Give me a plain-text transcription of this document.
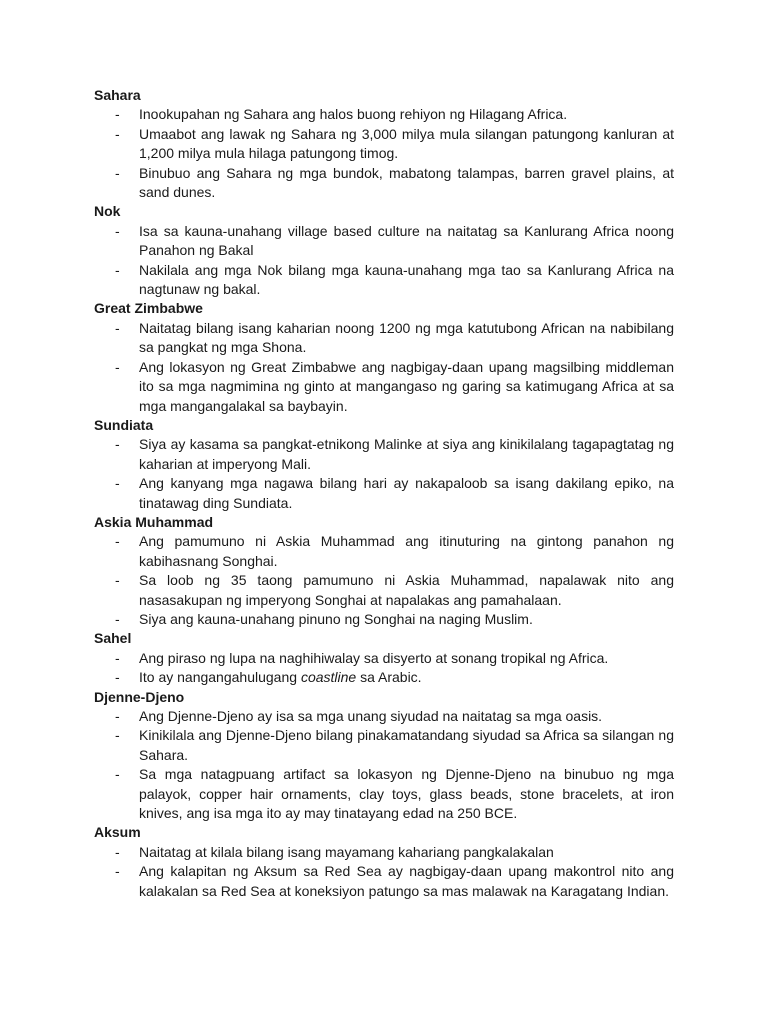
Sahara
- Inookupahan ng Sahara ang halos buong rehiyon ng Hilagang Africa.
- Umaabot ang lawak ng Sahara ng 3,000 milya mula silangan patungong kanluran at 1,200 milya mula hilaga patungong timog.
- Binubuo ang Sahara ng mga bundok, mabatong talampas, barren gravel plains, at sand dunes.
Nok
- Isa sa kauna-unahang village based culture na naitatag sa Kanlurang Africa noong Panahon ng Bakal
- Nakilala ang mga Nok bilang mga kauna-unahang mga tao sa Kanlurang Africa na nagtunaw ng bakal.
Great Zimbabwe
- Naitatag bilang isang kaharian noong 1200 ng mga katutubong African na nabibilang sa pangkat ng mga Shona.
- Ang lokasyon ng Great Zimbabwe ang nagbigay-daan upang magsilbing middleman ito sa mga nagmimina ng ginto at mangangaso ng garing sa katimugang Africa at sa mga mangangalakal sa baybayin.
Sundiata
- Siya ay kasama sa pangkat-etnikong Malinke at siya ang kinikilalang tagapagtatag ng kaharian at imperyong Mali.
- Ang kanyang mga nagawa bilang hari ay nakapaloob sa isang dakilang epiko, na tinatawag ding Sundiata.
Askia Muhammad
- Ang pamumuno ni Askia Muhammad ang itinuturing na gintong panahon ng kabihasnang Songhai.
- Sa loob ng 35 taong pamumuno ni Askia Muhammad, napalawak nito ang nasasakupan ng imperyong Songhai at napalakas ang pamahalaan.
- Siya ang kauna-unahang pinuno ng Songhai na naging Muslim.
Sahel
- Ang piraso ng lupa na naghihiwalay sa disyerto at sonang tropikal ng Africa.
- Ito ay nangangahulugang coastline sa Arabic.
Djenne-Djeno
- Ang Djenne-Djeno ay isa sa mga unang siyudad na naitatag sa mga oasis.
- Kinikilala ang Djenne-Djeno bilang pinakamatandang siyudad sa Africa sa silangan ng Sahara.
- Sa mga natagpuang artifact sa lokasyon ng Djenne-Djeno na binubuo ng mga palayok, copper hair ornaments, clay toys, glass beads, stone bracelets, at iron knives, ang isa mga ito ay may tinatayang edad na 250 BCE.
Aksum
- Naitatag at kilala bilang isang mayamang kahariang pangkalakalan
- Ang kalapitan ng Aksum sa Red Sea ay nagbigay-daan upang makontrol nito ang kalakalan sa Red Sea at koneksiyon patungo sa mas malawak na Karagatang Indian.
